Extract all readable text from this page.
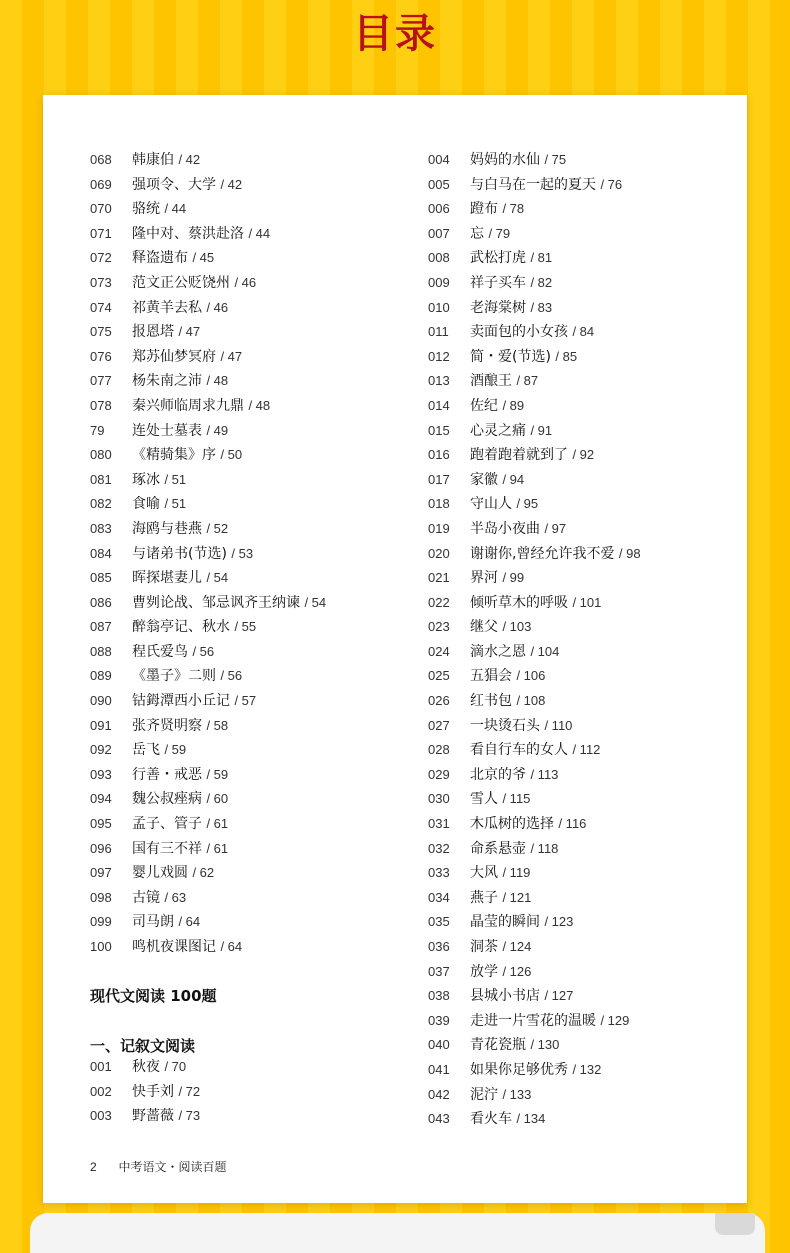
目录
068 韩康伯 / 42
069 强项令、大学 / 42
070 骆统 / 44
071 隆中对、蔡洪赴洛 / 44
072 释盗遗布 / 45
073 范文正公贬饶州 / 46
074 祁黄羊去私 / 46
075 报恩塔 / 47
076 郑苏仙梦冥府 / 47
077 杨朱南之沛 / 48
078 秦兴师临周求九鼎 / 48
79 连处士墓表 / 49
080 《精骑集》序 / 50
081 琢冰 / 51
082 食喻 / 51
083 海鸥与巷燕 / 52
084 与诸弟书(节选) / 53
085 晖探堪妻儿 / 54
086 曹刿论战、邹忌讽齐王纳谏 / 54
087 醉翁亭记、秋水 / 55
088 程氏爱鸟 / 56
089 《墨子》二则 / 56
090 钴鉧潭西小丘记 / 57
091 张齐贤明察 / 58
092 岳飞 / 59
093 行善・戒恶 / 59
094 魏公叔痤病 / 60
095 孟子、管子 / 61
096 国有三不祥 / 61
097 婴儿戏圆 / 62
098 古镜 / 63
099 司马朗 / 64
100 鸣机夜课图记 / 64
现代文阅读 100题
一、记叙文阅读
001 秋夜 / 70
002 快手刘 / 72
003 野蔷薇 / 73
004 妈妈的水仙 / 75
005 与白马在一起的夏天 / 76
006 蹬布 / 78
007 忘 / 79
008 武松打虎 / 81
009 祥子买车 / 82
010 老海棠树 / 83
011 卖面包的小女孩 / 84
012 简・爱(节选) / 85
013 酒酿王 / 87
014 佐纪 / 89
015 心灵之痛 / 91
016 跑着跑着就到了 / 92
017 家徽 / 94
018 守山人 / 95
019 半岛小夜曲 / 97
020 谢谢你,曾经允许我不爱 / 98
021 界河 / 99
022 倾听草木的呼吸 / 101
023 继父 / 103
024 滴水之恩 / 104
025 五猖会 / 106
026 红书包 / 108
027 一块烫石头 / 110
028 看自行车的女人 / 112
029 北京的爷 / 113
030 雪人 / 115
031 木瓜树的选择 / 116
032 命系悬壶 / 118
033 大风 / 119
034 燕子 / 121
035 晶莹的瞬间 / 123
036 洞茶 / 124
037 放学 / 126
038 县城小书店 / 127
039 走进一片雪花的温暖 / 129
040 青花瓷瓶 / 130
041 如果你足够优秀 / 132
042 泥泞 / 133
043 看火车 / 134
2 中考语文・阅读百题
